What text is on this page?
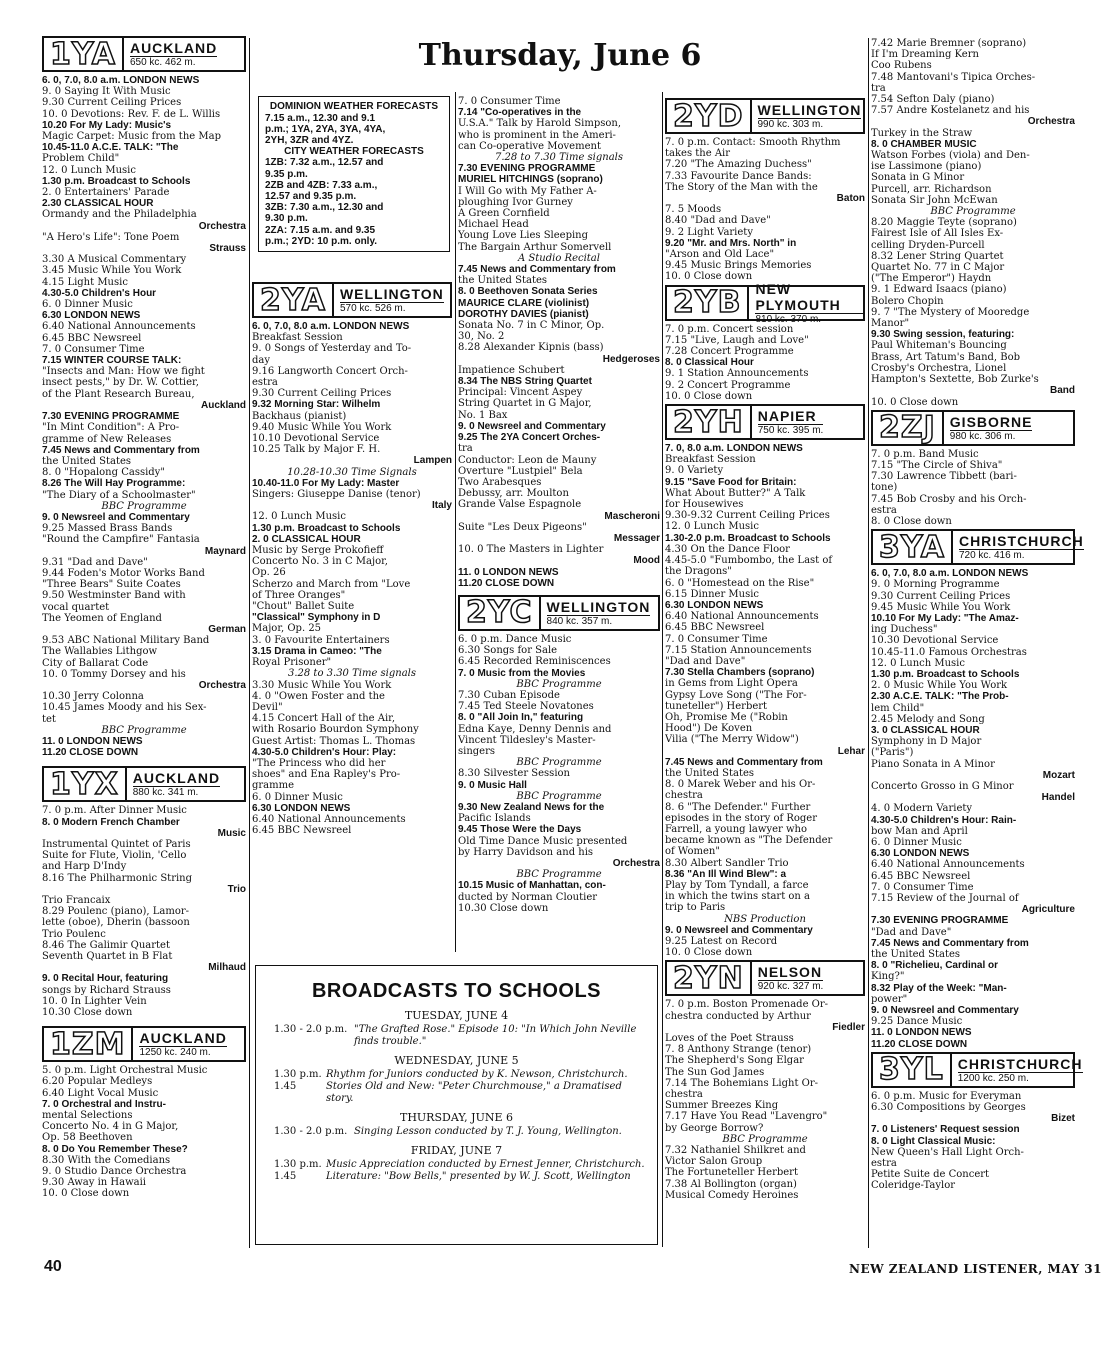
Thursday, June 6
1YA	AUCKLAND
650 kc. 462 m.
6. 0, 7.0, 8.0 a.m. LONDON NEWS
9. 0 Saying It With Music
9.30 Current Ceiling Prices
10. 0 Devotions: Rev. F. de L. Willis
10.20 For My Lady: Music's
Magic Carpet: Music from the Map
10.45-11.0 A.C.E. TALK: "The
Problem Child"
12. 0 Lunch Music
1.30 p.m. Broadcast to Schools
2. 0 Entertainers' Parade
2.30 CLASSICAL HOUR
Ormandy and the Philadelphia
Orchestra
"A Hero's Life": Tone Poem
Strauss
3.30 A Musical Commentary
3.45 Music While You Work
4.15 Light Music
4.30-5.0 Children's Hour
6. 0 Dinner Music
6.30 LONDON NEWS
6.40 National Announcements
6.45 BBC Newsreel
7. 0 Consumer Time
7.15 WINTER COURSE TALK:
"Insects and Man: How we fight
insect pests," by Dr. W. Cottier,
of the Plant Research Bureau,
Auckland
7.30 EVENING PROGRAMME
"In Mint Condition": A Pro-
gramme of New Releases
7.45 News and Commentary from
the United States
8. 0 "Hopalong Cassidy"
8.26 The Will Hay Programme:
"The Diary of a Schoolmaster"
BBC Programme
9. 0 Newsreel and Commentary
9.25 Massed Brass Bands
"Round the Campfire" Fantasia
Maynard
9.31 "Dad and Dave"
9.44 Foden's Motor Works Band
"Three Bears" Suite Coates
9.50 Westminster Band with
vocal quartet
The Yeomen of England
German
9.53 ABC National Military Band
The Wallabies Lithgow
City of Ballarat Code
10. 0 Tommy Dorsey and his
Orchestra
10.30 Jerry Colonna
10.45 James Moody and his Sex-
tet
BBC Programme
11. 0 LONDON NEWS
11.20 CLOSE DOWN
1YX	AUCKLAND
880 kc. 341 m.
7. 0 p.m. After Dinner Music
8. 0 Modern French Chamber
Music
Instrumental Quintet of Paris
Suite for Flute, Violin, 'Cello
and Harp D'Indy
8.16 The Philharmonic String
Trio
Trio Francaix
8.29 Poulenc (piano), Lamor-
lette (oboe), Dherin (bassoon
Trio Poulenc
8.46 The Galimir Quartet
Seventh Quartet in B Flat
Milhaud
9. 0 Recital Hour, featuring
songs by Richard Strauss
10. 0 In Lighter Vein
10.30 Close down
1ZM	AUCKLAND
1250 kc. 240 m.
5. 0 p.m. Light Orchestral Music
6.20 Popular Medleys
6.40 Light Vocal Music
7. 0 Orchestral and Instru-
mental Selections
Concerto No. 4 in G Major,
Op. 58 Beethoven
8. 0 Do You Remember These?
8.30 With the Comedians
9. 0 Studio Dance Orchestra
9.30 Away in Hawaii
10. 0 Close down
DOMINION WEATHER FORECASTS
7.15 a.m., 12.30 and 9.1
p.m.; 1YA, 2YA, 3YA, 4YA,
2YH, 3ZR and 4YZ.
CITY WEATHER FORECASTS
1ZB: 7.32 a.m., 12.57 and
9.35 p.m.
2ZB and 4ZB: 7.33 a.m.,
12.57 and 9.35 p.m.
3ZB: 7.30 a.m., 12.30 and
9.30 p.m.
2ZA: 7.15 a.m. and 9.35
p.m.; 2YD: 10 p.m. only.
2YA	WELLINGTON
570 kc. 526 m.
6. 0, 7.0, 8.0 a.m. LONDON NEWS
Breakfast Session
9. 0 Songs of Yesterday and To-
day
9.16 Langworth Concert Orch-
estra
9.30 Current Ceiling Prices
9.32 Morning Star: Wilhelm
Backhaus (pianist)
9.40 Music While You Work
10.10 Devotional Service
10.25 Talk by Major F. H.
Lampen
10.28-10.30 Time Signals
10.40-11.0 For My Lady: Master
Singers: Giuseppe Danise (tenor)
Italy
12. 0 Lunch Music
1.30 p.m. Broadcast to Schools
2. 0 CLASSICAL HOUR
Music by Serge Prokofieff
Concerto No. 3 in C Major,
Op. 26
Scherzo and March from "Love
of Three Oranges"
"Chout" Ballet Suite
"Classical" Symphony in D
Major, Op. 25
3. 0 Favourite Entertainers
3.15 Drama in Cameo: "The
Royal Prisoner"
3.28 to 3.30 Time signals
3.30 Music While You Work
4. 0 "Owen Foster and the
Devil"
4.15 Concert Hall of the Air,
with Rosario Bourdon Symphony
Guest Artist: Thomas L. Thomas
4.30-5.0 Children's Hour: Play:
"The Princess who did her
shoes" and Ena Rapley's Pro-
gramme
6. 0 Dinner Music
6.30 LONDON NEWS
6.40 National Announcements
6.45 BBC Newsreel
7. 0 Consumer Time
7.14 "Co-operatives in the
U.S.A." Talk by Harold Simpson,
who is prominent in the Ameri-
can Co-operative Movement
7.28 to 7.30 Time signals
7.30 EVENING PROGRAMME
MURIEL HITCHINGS (soprano)
I Will Go with My Father A-
ploughing Ivor Gurney
A Green Cornfield
Michael Head
Young Love Lies Sleeping
The Bargain Arthur Somervell
A Studio Recital
7.45 News and Commentary from
the United States
8. 0 Beethoven Sonata Series
MAURICE CLARE (violinist)
DOROTHY DAVIES (pianist)
Sonata No. 7 in C Minor, Op.
30, No. 2
8.28 Alexander Kipnis (bass)
Hedgeroses
Impatience Schubert
8.34 The NBS String Quartet
Principal: Vincent Aspey
String Quartet in G Major,
No. 1 Bax
9. 0 Newsreel and Commentary
9.25 The 2YA Concert Orches-
tra
Conductor: Leon de Mauny
Overture "Lustpiel" Bela
Two Arabesques
Debussy, arr. Moulton
Grande Valse Espagnole
Mascheroni
Suite "Les Deux Pigeons"
Messager
10. 0 The Masters in Lighter
Mood
11. 0 LONDON NEWS
11.20 CLOSE DOWN
2YC	WELLINGTON
840 kc. 357 m.
6. 0 p.m. Dance Music
6.30 Songs for Sale
6.45 Recorded Reminiscences
7. 0 Music from the Movies
BBC Programme
7.30 Cuban Episode
7.45 Ted Steele Novatones
8. 0 "All Join In," featuring
Edna Kaye, Denny Dennis and
Vincent Tildesley's Master-
singers
BBC Programme
8.30 Silvester Session
9. 0 Music Hall
BBC Programme
9.30 New Zealand News for the
Pacific Islands
9.45 Those Were the Days
Old Time Dance Music presented
by Harry Davidson and his
Orchestra
BBC Programme
10.15 Music of Manhattan, con-
ducted by Norman Cloutier
10.30 Close down
2YD	WELLINGTON
990 kc. 303 m.
7. 0 p.m. Contact: Smooth Rhythm
takes the Air
7.20 "The Amazing Duchess"
7.33 Favourite Dance Bands:
The Story of the Man with the
Baton
7. 5 Moods
8.40 "Dad and Dave"
9. 2 Light Variety
9.20 "Mr. and Mrs. North" in
"Arson and Old Lace"
9.45 Music Brings Memories
10. 0 Close down
2YB	NEW PLYMOUTH
810 kc. 370 m.
7. 0 p.m. Concert session
7.15 "Live, Laugh and Love"
7.28 Concert Programme
8. 0 Classical Hour
9. 1 Station Announcements
9. 2 Concert Programme
10. 0 Close down
2YH	NAPIER
750 kc. 395 m.
7. 0, 8.0 a.m. LONDON NEWS
Breakfast Session
9. 0 Variety
9.15 "Save Food for Britain:
What About Butter?" A Talk
for Housewives
9.30-9.32 Current Ceiling Prices
12. 0 Lunch Music
1.30-2.0 p.m. Broadcast to Schools
4.30 On the Dance Floor
4.45-5.0 "Fumbombo, the Last of
the Dragons"
6. 0 "Homestead on the Rise"
6.15 Dinner Music
6.30 LONDON NEWS
6.40 National Announcements
6.45 BBC Newsreel
7. 0 Consumer Time
7.15 Station Announcements
"Dad and Dave"
7.30 Stella Chambers (soprano)
in Gems from Light Opera
Gypsy Love Song ("The For-
tuneteller") Herbert
Oh, Promise Me ("Robin
Hood") De Koven
Vilia ("The Merry Widow")
Lehar
7.45 News and Commentary from
the United States
8. 0 Marek Weber and his Or-
chestra
8. 6 "The Defender." Further
episodes in the story of Roger
Farrell, a young lawyer who
became known as "The Defender
of Women"
8.30 Albert Sandler Trio
8.36 "An Ill Wind Blew": a
Play by Tom Tyndall, a farce
in which the twins start on a
trip to Paris
NBS Production
9. 0 Newsreel and Commentary
9.25 Latest on Record
10. 0 Close down
2YN	NELSON
920 kc. 327 m.
7. 0 p.m. Boston Promenade Or-
chestra conducted by Arthur
Fiedler
Loves of the Poet Strauss
7. 8 Anthony Strange (tenor)
The Shepherd's Song Elgar
The Sun God James
7.14 The Bohemians Light Or-
chestra
Summer Breezes King
7.17 Have You Read "Lavengro"
by George Borrow?
BBC Programme
7.32 Nathaniel Shilkret and
Victor Salon Group
The Fortuneteller Herbert
7.38 Al Bollington (organ)
Musical Comedy Heroines
7.42 Marie Bremner (soprano)
If I'm Dreaming Kern
Coo Rubens
7.48 Mantovani's Tipica Orches-
tra
7.54 Sefton Daly (piano)
7.57 Andre Kostelanetz and his
Orchestra
Turkey in the Straw
8. 0 CHAMBER MUSIC
Watson Forbes (viola) and Den-
ise Lassimone (piano)
Sonata in G Minor
Purcell, arr. Richardson
Sonata Sir John McEwan
BBC Programme
8.20 Maggie Teyte (soprano)
Fairest Isle of All Isles Ex-
celling Dryden-Purcell
8.32 Lener String Quartet
Quartet No. 77 in C Major
("The Emperor") Haydn
9. 1 Edward Isaacs (piano)
Bolero Chopin
9. 7 "The Mystery of Mooredge
Manor"
9.30 Swing session, featuring:
Paul Whiteman's Bouncing
Brass, Art Tatum's Band, Bob
Crosby's Orchestra, Lionel
Hampton's Sextette, Bob Zurke's
Band
10. 0 Close down
2ZJ	GISBORNE
980 kc. 306 m.
7. 0 p.m. Band Music
7.15 "The Circle of Shiva"
7.30 Lawrence Tibbett (bari-
tone)
7.45 Bob Crosby and his Orch-
estra
8. 0 Close down
3YA	CHRISTCHURCH
720 kc. 416 m.
6. 0, 7.0, 8.0 a.m. LONDON NEWS
9. 0 Morning Programme
9.30 Current Ceiling Prices
9.45 Music While You Work
10.10 For My Lady: "The Amaz-
ing Duchess"
10.30 Devotional Service
10.45-11.0 Famous Orchestras
12. 0 Lunch Music
1.30 p.m. Broadcast to Schools
2. 0 Music While You Work
2.30 A.C.E. TALK: "The Prob-
lem Child"
2.45 Melody and Song
3. 0 CLASSICAL HOUR
Symphony in D Major
("Paris")
Piano Sonata in A Minor
Mozart
Concerto Grosso in G Minor
Handel
4. 0 Modern Variety
4.30-5.0 Children's Hour: Rain-
bow Man and April
6. 0 Dinner Music
6.30 LONDON NEWS
6.40 National Announcements
6.45 BBC Newsreel
7. 0 Consumer Time
7.15 Review of the Journal of
Agriculture
7.30 EVENING PROGRAMME
"Dad and Dave"
7.45 News and Commentary from
the United States
8. 0 "Richelieu, Cardinal or
King?"
8.32 Play of the Week: "Man-
power"
9. 0 Newsreel and Commentary
9.25 Dance Music
11. 0 LONDON NEWS
11.20 CLOSE DOWN
3YL	CHRISTCHURCH
1200 kc. 250 m.
6. 0 p.m. Music for Everyman
6.30 Compositions by Georges
Bizet
7. 0 Listeners' Request session
8. 0 Light Classical Music:
New Queen's Hall Light Orch-
estra
Petite Suite de Concert
Coleridge-Taylor
BROADCASTS TO SCHOOLS
TUESDAY, JUNE 4
1.30 - 2.0 p.m. "The Grafted Rose." Episode 10: "In Which John Neville finds trouble."
WEDNESDAY, JUNE 5
1.30 p.m. Rhythm for Juniors conducted by K. Newson, Christchurch.
1.45	Stories Old and New: "Peter Churchmouse," a Dramatised story.
THURSDAY, JUNE 6
1.30 - 2.0 p.m. Singing Lesson conducted by T. J. Young, Wellington.
FRIDAY, JUNE 7
1.30 p.m. Music Appreciation conducted by Ernest Jenner, Christchurch.
1.45	Literature: "Bow Bells," presented by W. J. Scott, Wellington
40	NEW ZEALAND LISTENER, MAY 31
